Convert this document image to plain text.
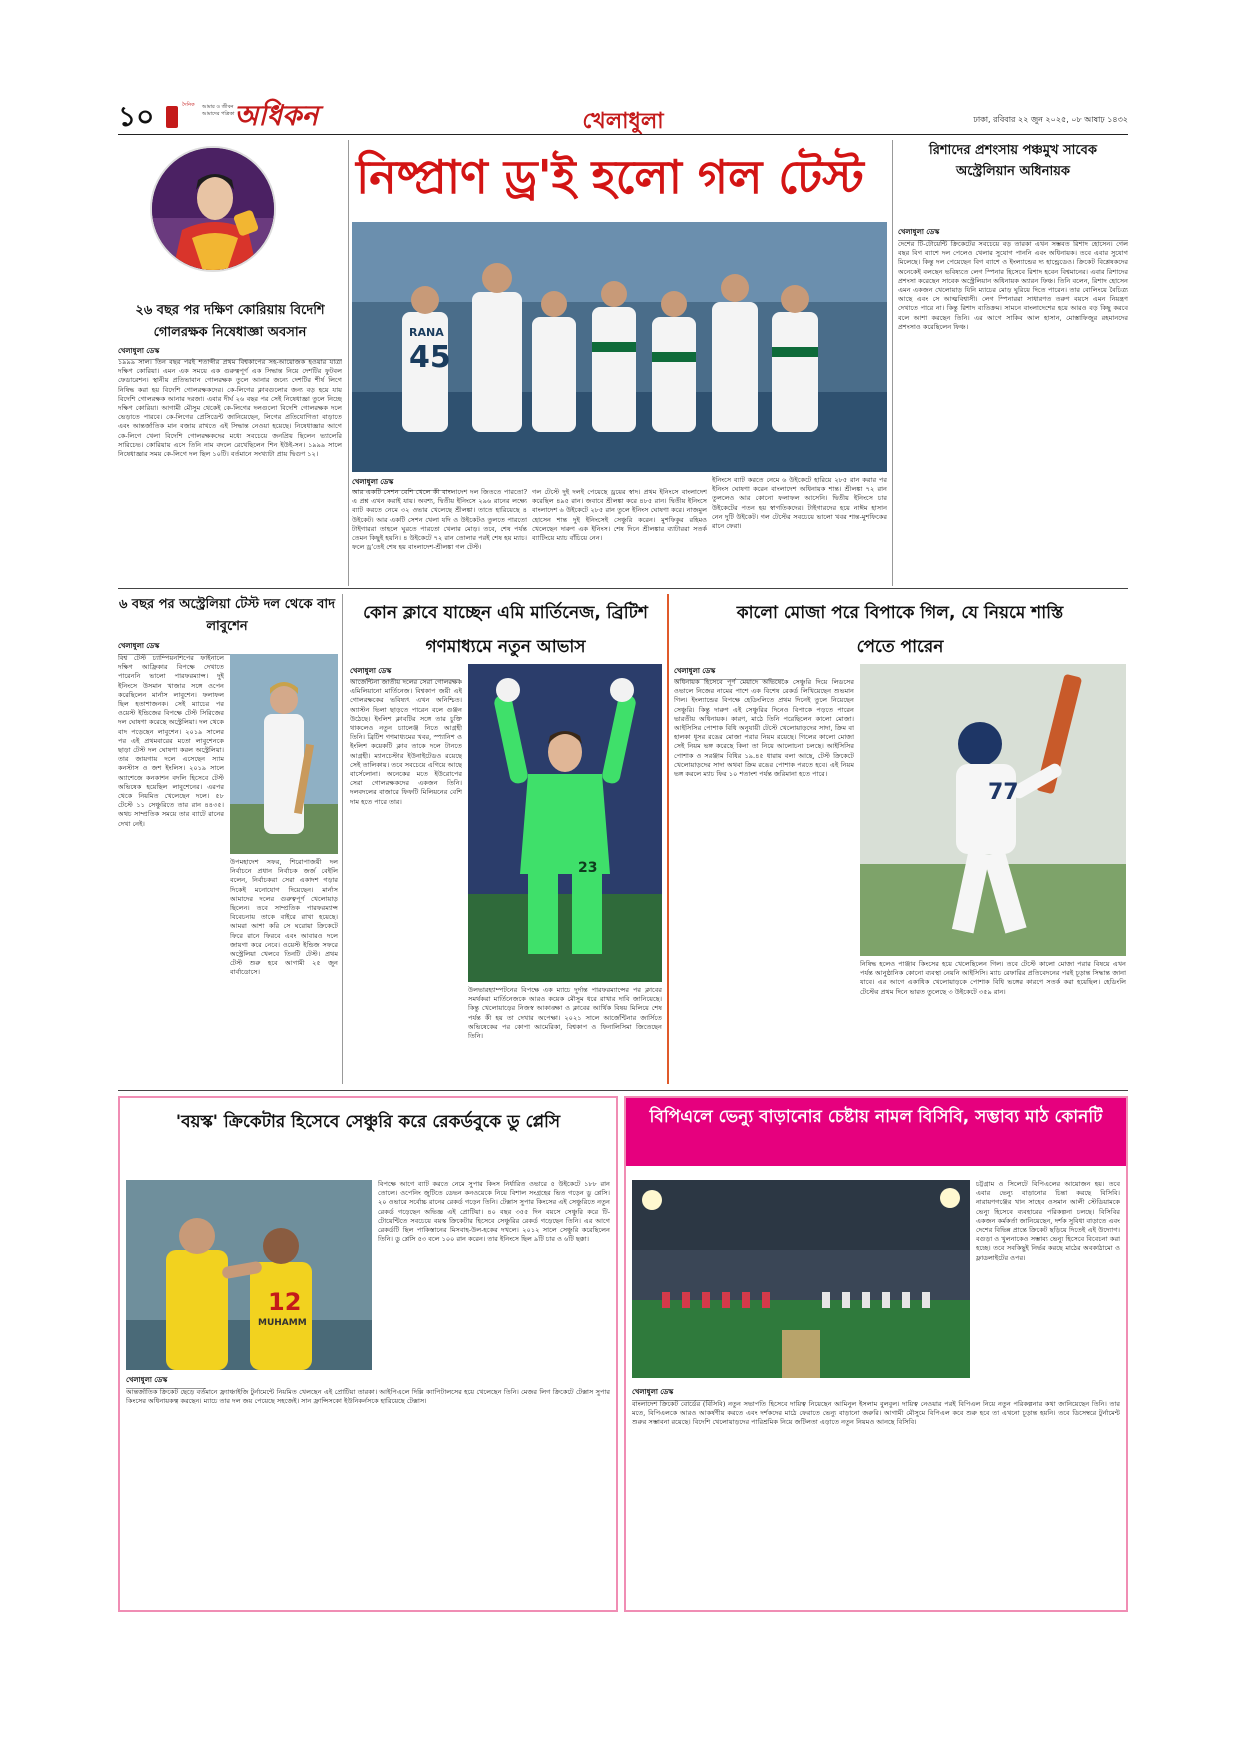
১০	দৈনিক আমার ও জীবন আমাদের পত্রিকা অধিকন	খেলাধুলা	ঢাকা, রবিবার ২২ জুন ২০২৫, ০৮ আষাঢ় ১৪৩২
নিষ্প্রাণ ড্র'ই হলো গল টেস্ট
২৬ বছর পর দক্ষিণ কোরিয়ায় বিদেশি গোলরক্ষক নিষেধাজ্ঞা অবসান
খেলাধুলা ডেস্ক
১৯৯৯ সাল। তিন বছর পরই শতাব্দীর প্রথম বিশ্বকাপের সহ-আয়োজক হওয়ার যাত্রা দক্ষিণ কোরিয়া। এমন এক সময়ে এক গুরুত্বপূর্ণ এক সিদ্ধান্ত নিয়ে দেশটির ফুটবল ফেডারেশন। স্থানীয় প্রতিভাবান গোলরক্ষক তুলে আনার জন্যে দেশটির শীর্ষ লিগে নিষিদ্ধ করা হয় বিদেশি গোলরক্ষকদের। কে-লিগের ক্লাবগুলোর জন্য বড় হয়ে যায় বিদেশি গোলরক্ষক আনার দরজা। এবার দীর্ঘ ২৬ বছর পর সেই নিষেধাজ্ঞা তুলে নিচ্ছে দক্ষিণ কোরিয়া। আগামী মৌসুম থেকেই কে-লিগের দলগুলো বিদেশি গোলরক্ষক দলে ভেড়াতে পারবে। কে-লিগের প্রেসিডেন্ট জানিয়েছেন, লিগের প্রতিযোগিতা বাড়াতে এবং আন্তর্জাতিক মান বজায় রাখতে এই সিদ্ধান্ত নেওয়া হয়েছে। নিষেধাজ্ঞার আগে কে-লিগে খেলা বিদেশি গোলরক্ষকদের মধ্যে সবচেয়ে জনপ্রিয় ছিলেন ভ্যালেরি সারিচেভ। কোরিয়ায় এসে তিনি নাম বদলে রেখেছিলেন শিন ইউই-সন। ১৯৯৯ সালে নিষেধাজ্ঞার সময় কে-লিগে দল ছিল ১০টি। বর্তমানে সংখ্যাটা প্রায় দ্বিগুণ ১২।
RANA
45
খেলাধুলা ডেস্ক
আর একটি সেশন বেশি খেলে কী বাংলাদেশ দল জিততে পারতো? এ প্রশ্ন এখন করাই যায়। অবশ্য, দ্বিতীয় ইনিংসে ২৯৬ রানের লক্ষ্যে ব্যাট করতে নেমে ৩২ ওভার খেলেছে শ্রীলঙ্কা। তাতে হারিয়েছে ৪ উইকেট। আর একটি সেশন খেলা যদি ও উইকেটও তুলতে পারতো টাইগাররা তাহলে ঘুরতে পারতো খেলার মোড়। তবে, শেষ পর্যন্ত তেমন কিছুই হয়নি। ৪ উইকেটে ৭২ রান তোলার পরই শেষ হয় ম্যাচ। ফলে ড্র'তেই শেষ হয় বাংলাদেশ-শ্রীলঙ্কা গল টেস্ট।
গল টেস্টে দুই দলই পেয়েছে ড্রয়ের স্বাদ। প্রথম ইনিংসে বাংলাদেশ করেছিল ৪৯৫ রান। জবাবে শ্রীলঙ্কা করে ৪৮৫ রান। দ্বিতীয় ইনিংসে বাংলাদেশ ৬ উইকেটে ২৮৫ রান তুলে ইনিংস ঘোষণা করে। নাজমুল হোসেন শান্ত দুই ইনিংসেই সেঞ্চুরি করেন। মুশফিকুর রহিমও খেলেছেন দারুণ এক ইনিংস। শেষ দিনে শ্রীলঙ্কার ব্যাটাররা সতর্ক ব্যাটিংয়ে ম্যাচ বাঁচিয়ে নেন।
ইনিংসে ব্যাট করতে নেমে ৬ উইকেটে হারিয়ে ২৮৫ রান করার পর ইনিংস ঘোষণা করেন বাংলাদেশ অধিনায়ক শান্ত। শ্রীলঙ্কা ৭২ রান তুললেও আর কোনো ফলাফল আসেনি। দ্বিতীয় ইনিংসে চার উইকেটের পতন হয় স্বাগতিকদের। টাইগারদের হয়ে নাঈম হাসান নেন দুটি উইকেট। গল টেস্টের সবচেয়ে ভালো খবর শান্ত-মুশফিকের রানে ফেরা।
রিশাদের প্রশংসায় পঞ্চমুখ সাবেক অস্ট্রেলিয়ান অধিনায়ক
খেলাধুলা ডেস্ক
দেশের টি-টোয়েন্টি ক্রিকেটের সবচেয়ে বড় তারকা এখন সম্ভবত রিশাদ হোসেন। গেল বছর বিগ ব্যাশে দল পেলেও খেলার সুযোগ পাননি এবং অধিনায়ক। তবে এবার সুযোগ মিলেছে। কিন্তু দল পেয়েছেন বিগ ব্যাশে ও ইংল্যান্ডের দ্য হান্ড্রেডেও। ক্রিকেট বিশ্লেষকদের অনেকেই বলছেন ভবিষ্যতে লেগ স্পিনার হিসেবে রিশাদ হবেন বিশ্বমানের। এবার রিশাদের প্রশংসা করেছেন সাবেক অস্ট্রেলিয়ান অধিনায়ক অ্যারন ফিঞ্চ। তিনি বলেন, রিশাদ হোসেন এমন একজন খেলোয়াড় যিনি ম্যাচের মোড় ঘুরিয়ে দিতে পারেন। তার বোলিংয়ে বৈচিত্র্য আছে এবং সে আত্মবিশ্বাসী। লেগ স্পিনাররা সাধারণত তরুণ বয়সে এমন নিয়ন্ত্রণ দেখাতে পারে না। কিন্তু রিশাদ ব্যতিক্রম। সামনে বাংলাদেশের হয়ে আরও বড় কিছু করবে বলে আশা করছেন তিনি। এর আগে সাকিব আল হাসান, মোস্তাফিজুর রহমানদের প্রশংসাও করেছিলেন ফিঞ্চ।
৬ বছর পর অস্ট্রেলিয়া টেস্ট দল থেকে বাদ লাবুশেন
খেলাধুলা ডেস্ক
বিশ্ব টেস্ট চ্যাম্পিয়নশিপের ফাইনালে দক্ষিণ আফ্রিকার বিপক্ষে দেখাতে পারেননি ভালো পারফরম্যান্স। দুই ইনিংসে উসমান খাজার সঙ্গে ওপেন করেছিলেন মার্নাস লাবুশেন। ফলাফল ছিল হতাশাজনক। সেই ম্যাচের পর ওয়েস্ট ইন্ডিজের বিপক্ষে টেস্ট সিরিজের দল ঘোষণা করেছে অস্ট্রেলিয়া। দল থেকে বাদ পড়েছেন লাবুশেন। ২০১৯ সালের পর এই প্রথমবারের মতো লাবুশেনকে ছাড়া টেস্ট দল ঘোষণা করল অস্ট্রেলিয়া। তার জায়গায় দলে এসেছেন স্যাম কনস্টাস ও জশ ইংলিস। ২০১৯ সালে অ্যাশেজে কনকাশন বদলি হিসেবে টেস্ট অভিষেক হয়েছিল লাবুশেনের। এরপর থেকে নিয়মিত খেলেছেন দলে। ৫৮ টেস্টে ১১ সেঞ্চুরিতে তার রান ৪৪৩৫। অথচ সাম্প্রতিক সময়ে তার ব্যাটে রানের দেখা নেই।
উপমহাদেশ সফর, শিরোপাজয়ী দল নির্বাচনে প্রধান নির্বাচক জর্জ বেইলি বলেন, নির্বাচকরা সেরা একাদশ গড়ার দিকেই মনোযোগ দিয়েছেন। মার্নাস আমাদের দলের গুরুত্বপূর্ণ খেলোয়াড় ছিলেন। তবে সাম্প্রতিক পারফরম্যান্স বিবেচনায় তাকে বাইরে রাখা হয়েছে। আমরা আশা করি সে ঘরোয়া ক্রিকেটে ফিরে রানে ফিরবে এবং আবারও দলে জায়গা করে নেবে। ওয়েস্ট ইন্ডিজ সফরে অস্ট্রেলিয়া খেলবে তিনটি টেস্ট। প্রথম টেস্ট শুরু হবে আগামী ২৫ জুন বার্বাডোসে।
কোন ক্লাবে যাচ্ছেন এমি মার্তিনেজ, ব্রিটিশ গণমাধ্যমে নতুন আভাস
খেলাধুলা ডেস্ক
আর্জেন্টিনা জাতীয় দলের সেরা গোলরক্ষক এমিলিয়ানো মার্তিনেজ। বিশ্বকাপ জয়ী এই গোলরক্ষকের ভবিষ্যৎ এখন অনিশ্চিত। অ্যাস্টন ভিলা ছাড়তে পারেন বলে গুঞ্জন উঠেছে। ইংলিশ ক্লাবটির সঙ্গে তার চুক্তি থাকলেও নতুন চ্যালেঞ্জ নিতে আগ্রহী তিনি। ব্রিটিশ গণমাধ্যমের খবর, স্প্যানিশ ও ইংলিশ কয়েকটি ক্লাব তাকে দলে টানতে আগ্রহী। ম্যানচেস্টার ইউনাইটেডও রয়েছে সেই তালিকায়। তবে সবচেয়ে এগিয়ে আছে বার্সেলোনা। অনেকের মতে ইউরোপের সেরা গোলরক্ষকদের একজন তিনি। দলবদলের বাজারে ফিফটি মিলিয়নের বেশি দাম হতে পারে তার।
23
উলভারহ্যাম্পটনের বিপক্ষে এক ম্যাচে দুর্দান্ত পারফরম্যান্সের পর ক্লাবের সমর্থকরা মার্তিনেজকে আরও কয়েক মৌসুম ধরে রাখার দাবি জানিয়েছে। কিন্তু খেলোয়াড়ের নিজস্ব আকাঙ্ক্ষা ও ক্লাবের আর্থিক বিষয় মিলিয়ে শেষ পর্যন্ত কী হয় তা দেখার অপেক্ষা। ২০২১ সালে আর্জেন্টিনার জার্সিতে অভিষেকের পর কোপা আমেরিকা, বিশ্বকাপ ও ফিনালিসিমা জিতেছেন তিনি।
কালো মোজা পরে বিপাকে গিল, যে নিয়মে শাস্তি পেতে পারেন
খেলাধুলা ডেস্ক
অধিনায়ক হিসেবে পূর্ণ মেয়াদে অভিষেকে সেঞ্চুরি দিয়ে লিডসের ওভালে নিজের নামের পাশে এক বিশেষ রেকর্ড লিখিয়েছেন শুভমান গিল। ইংল্যান্ডের বিপক্ষে হেডিংলিতে প্রথম দিনেই তুলে নিয়েছেন সেঞ্চুরি। কিন্তু দারুণ এই সেঞ্চুরির দিনেও বিপাকে পড়তে পারেন ভারতীয় অধিনায়ক। কারণ, মাঠে তিনি পরেছিলেন কালো মোজা। আইসিসির পোশাক বিধি অনুযায়ী টেস্টে খেলোয়াড়দের সাদা, ক্রিম বা হালকা ধূসর রঙের মোজা পরার নিয়ম রয়েছে। গিলের কালো মোজা সেই নিয়ম ভঙ্গ করেছে কিনা তা নিয়ে আলোচনা চলছে। আইসিসির পোশাক ও সরঞ্জাম বিধির ১৯.৪৫ ধারায় বলা আছে, টেস্ট ক্রিকেটে খেলোয়াড়দের সাদা অথবা ক্রিম রঙের পোশাক পরতে হবে। এই নিয়ম ভঙ্গ করলে ম্যাচ ফির ১০ শতাংশ পর্যন্ত জরিমানা হতে পারে।
77
নিষিদ্ধ হলেও পাঞ্জাব কিংসের হয়ে খেলেছিলেন গিল। তবে টেস্টে কালো মোজা পরার বিষয়ে এখন পর্যন্ত আনুষ্ঠানিক কোনো ব্যবস্থা নেয়নি আইসিসি। ম্যাচ রেফারির প্রতিবেদনের পরই চূড়ান্ত সিদ্ধান্ত জানা যাবে। এর আগে একাধিক খেলোয়াড়কে পোশাক বিধি ভঙ্গের কারণে সতর্ক করা হয়েছিল। হেডিংলি টেস্টের প্রথম দিনে ভারত তুলেছে ৩ উইকেটে ৩৫৯ রান।
'বয়স্ক' ক্রিকেটার হিসেবে সেঞ্চুরি করে রেকর্ডবুকে ডু প্লেসি
12
MUHAMM
বিপক্ষে আগে ব্যাট করতে নেমে সুপার কিংস নির্ধারিত ওভারে ৫ উইকেটে ১৮৮ রান তোলে। ওপেনিং জুটিতে ডেভন কনওয়েকে নিয়ে বিশাল সংগ্রহের ভিত গড়েন ডু প্লেসি। ২০ ওভারে সর্বোচ্চ রানের রেকর্ড গড়েন তিনি। টেক্সাস সুপার কিংসের এই সেঞ্চুরিতে নতুন রেকর্ড গড়েছেন অভিজ্ঞ এই প্রোটিয়া। ৪০ বছর ৩৫৫ দিন বয়সে সেঞ্চুরি করে টি-টোয়েন্টিতে সবচেয়ে বয়স্ক ক্রিকেটার হিসেবে সেঞ্চুরির রেকর্ড গড়েছেন তিনি। এর আগে রেকর্ডটি ছিল পাকিস্তানের মিসবাহ-উল-হকের দখলে। ২০১২ সালে সেঞ্চুরি করেছিলেন তিনি। ডু প্লেসি ৫৩ বলে ১০০ রান করেন। তার ইনিংসে ছিল ৯টি চার ও ৬টি ছক্কা।
খেলাধুলা ডেস্ক
আন্তর্জাতিক ক্রিকেট ছেড়ে বর্তমানে ফ্র্যাঞ্চাইজি টুর্নামেন্টে নিয়মিত খেলছেন এই প্রোটিয়া তারকা। আইপিএলে দিল্লি ক্যাপিটালসের হয়ে খেলেছেন তিনি। মেজর লিগ ক্রিকেটে টেক্সাস সুপার কিংসের অধিনায়কত্ব করছেন। ম্যাচে তার দল জয় পেয়েছে সহজেই। সান ফ্রান্সিসকো ইউনিকর্নসকে হারিয়েছে টেক্সাস।
বিপিএলে ভেন্যু বাড়ানোর চেষ্টায় নামল বিসিবি, সম্ভাব্য মাঠ কোনটি
চট্টগ্রাম ও সিলেটে বিপিএলের আয়োজন হয়। তবে এবার ভেন্যু বাড়ানোর চিন্তা করছে বিসিবি। নারায়ণগঞ্জের খান সাহেব ওসমান আলী স্টেডিয়ামকে ভেন্যু হিসেবে ব্যবহারের পরিকল্পনা চলছে। বিসিবির একজন কর্মকর্তা জানিয়েছেন, দর্শক সুবিধা বাড়াতে এবং দেশের বিভিন্ন প্রান্তে ক্রিকেট ছড়িয়ে দিতেই এই উদ্যোগ। বগুড়া ও খুলনাকেও সম্ভাব্য ভেন্যু হিসেবে বিবেচনা করা হচ্ছে। তবে সবকিছুই নির্ভর করছে মাঠের অবকাঠামো ও ফ্লাডলাইটের ওপর।
খেলাধুলা ডেস্ক
বাংলাদেশ ক্রিকেট বোর্ডের (বিসিবি) নতুন সভাপতি হিসেবে দায়িত্ব নিয়েছেন আমিনুল ইসলাম বুলবুল। দায়িত্ব নেওয়ার পরই বিপিএল নিয়ে নতুন পরিকল্পনার কথা জানিয়েছেন তিনি। তার মতে, বিপিএলকে আরও আকর্ষণীয় করতে এবং দর্শকদের মাঠে ফেরাতে ভেন্যু বাড়ানো জরুরি। আগামী মৌসুমে বিপিএল কবে শুরু হবে তা এখনো চূড়ান্ত হয়নি। তবে ডিসেম্বরে টুর্নামেন্ট শুরুর সম্ভাবনা রয়েছে। বিদেশি খেলোয়াড়দের পারিশ্রমিক নিয়ে জটিলতা এড়াতে নতুন নিয়মও আনছে বিসিবি।
